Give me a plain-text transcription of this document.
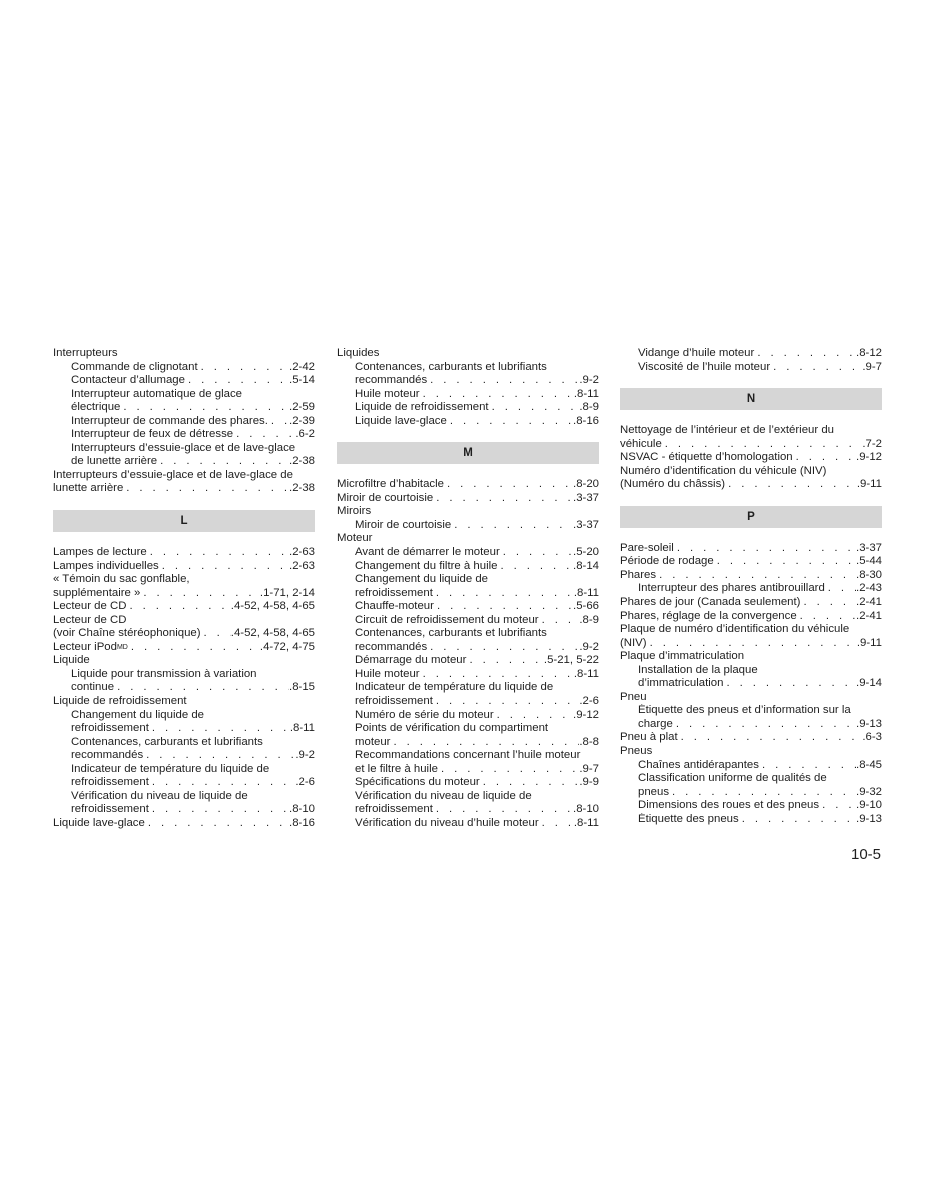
Interrupteurs
Commande de clignotant . . .	.2-42
Contacteur d’allumage . . .	.5-14
Interrupteur automatique de glace
électrique . . .	.2-59
Interrupteur de commande des phares. . . . .2-39
Interrupteur de feux de détresse . . .	.6-2
Interrupteurs d’essuie-glace et de lave-glace
de lunette arrière . . .	.2-38
Interrupteurs d’essuie-glace et de lave-glace de
lunette arrière . . .	.2-38
L
Lampes de lecture . . .	.2-63
Lampes individuelles . . .	.2-63
« Témoin du sac gonflable,
supplémentaire » . . .	.1-71, 2-14
Lecteur de CD . . .	.4-52, 4-58, 4-65
Lecteur de CD
(voir Chaîne stéréophonique) . . .	.4-52, 4-58, 4-65
Lecteur iPod MD . . .	.4-72, 4-75
Liquide
Liquide pour transmission à variation
continue . . .	.8-15
Liquide de refroidissement
Changement du liquide de
refroidissement . . .	.8-11
Contenances, carburants et lubrifiants
recommandés . . .	.9-2
Indicateur de température du liquide de
refroidissement . . .	.2-6
Vérification du niveau de liquide de
refroidissement . . .	.8-10
Liquide lave-glace . . .	.8-16
Liquides
Contenances, carburants et lubrifiants
recommandés . . .	.9-2
Huile moteur . . .	.8-11
Liquide de refroidissement . . .	.8-9
Liquide lave-glace . . .	.8-16
M
Microfiltre d’habitacle . . .	.8-20
Miroir de courtoisie . . .	.3-37
Miroirs
Miroir de courtoisie . . .	.3-37
Moteur
Avant de démarrer le moteur . . .	.5-20
Changement du filtre à huile . . .	.8-14
Changement du liquide de
refroidissement . . .	.8-11
Chauffe-moteur . . .	.5-66
Circuit de refroidissement du moteur . . .	.8-9
Contenances, carburants et lubrifiants
recommandés . . .	.9-2
Démarrage du moteur . . .	.5-21, 5-22
Huile moteur . . .	.8-11
Indicateur de température du liquide de
refroidissement . . .	.2-6
Numéro de série du moteur . . .	.9-12
Points de vérification du compartiment
moteur . . .	.8-8
Recommandations concernant l’huile moteur
et le filtre à huile . . .	.9-7
Spécifications du moteur . . .	.9-9
Vérification du niveau de liquide de
refroidissement . . .	.8-10
Vérification du niveau d’huile moteur . . .	.8-11
Vidange d’huile moteur . . .	.8-12
Viscosité de l’huile moteur . . .	.9-7
N
Nettoyage de l’intérieur et de l’extérieur du
véhicule . . .	.7-2
NSVAC - étiquette d’homologation . . .	.9-12
Numéro d’identification du véhicule (NIV)
(Numéro du châssis) . . .	.9-11
P
Pare-soleil . . .	.3-37
Période de rodage . . .	.5-44
Phares . . .	.8-30
Interrupteur des phares antibrouillard . . .	.2-43
Phares de jour (Canada seulement) . . .	.2-41
Phares, réglage de la convergence . . .	.2-41
Plaque de numéro d’identification du véhicule
(NIV) . . .	.9-11
Plaque d’immatriculation
Installation de la plaque
d’immatriculation . . .	.9-14
Pneu
Étiquette des pneus et d’information sur la
charge . . .	.9-13
Pneu à plat . . .	.6-3
Pneus
Chaînes antidérapantes . . .	.8-45
Classification uniforme de qualités de
pneus . . .	.9-32
Dimensions des roues et des pneus . . .	.9-10
Étiquette des pneus . . .	.9-13
10-5
